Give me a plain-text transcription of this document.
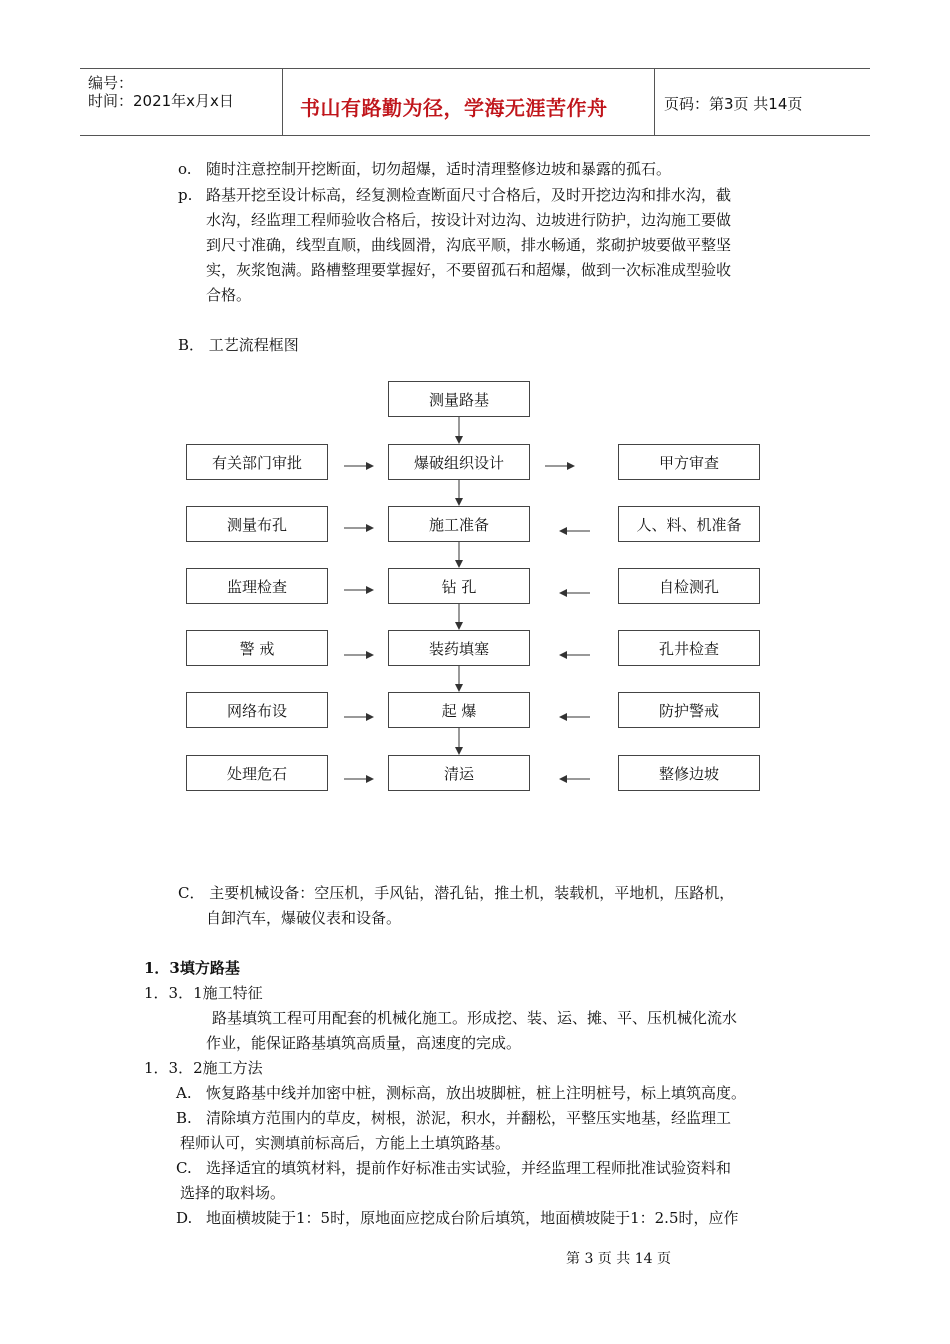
编号：
时间：2021年x月x日	书山有路勤为径，学海无涯苦作舟	页码：第3页 共14页
o. 随时注意控制开挖断面，切勿超爆，适时清理整修边坡和暴露的孤石。
p. 路基开挖至设计标高，经复测检查断面尺寸合格后，及时开挖边沟和排水沟，截
水沟，经监理工程师验收合格后，按设计对边沟、边坡进行防护，边沟施工要做
到尺寸准确，线型直顺，曲线圆滑，沟底平顺，排水畅通，浆砌护坡要做平整坚
实，灰浆饱满。路槽整理要掌握好，不要留孤石和超爆，做到一次标准成型验收
合格。
B． 工艺流程框图
测量路基
爆破组织设计
施工准备
钻 孔
装药填塞
起 爆
清运
有关部门审批
测量布孔
监理检查
警 戒
网络布设
处理危石
甲方审查
人、料、机准备
自检测孔
孔井检查
防护警戒
整修边坡
C． 主要机械设备：空压机，手风钻，潜孔钻，推土机，装载机，平地机，压路机，
自卸汽车，爆破仪表和设备。
1．3填方路基
1．3．1施工特征
路基填筑工程可用配套的机械化施工。形成挖、装、运、摊、平、压机械化流水
作业，能保证路基填筑高质量，高速度的完成。
1．3．2施工方法
A. 恢复路基中线并加密中桩，测标高，放出坡脚桩，桩上注明桩号，标上填筑高度。
B. 清除填方范围内的草皮，树根，淤泥，积水，并翻松，平整压实地基，经监理工
程师认可，实测填前标高后，方能上土填筑路基。
C. 选择适宜的填筑材料，提前作好标准击实试验，并经监理工程师批准试验资料和
选择的取料场。
D. 地面横坡陡于1：5时，原地面应挖成台阶后填筑，地面横坡陡于1：2.5时，应作
第 3 页 共 14 页
